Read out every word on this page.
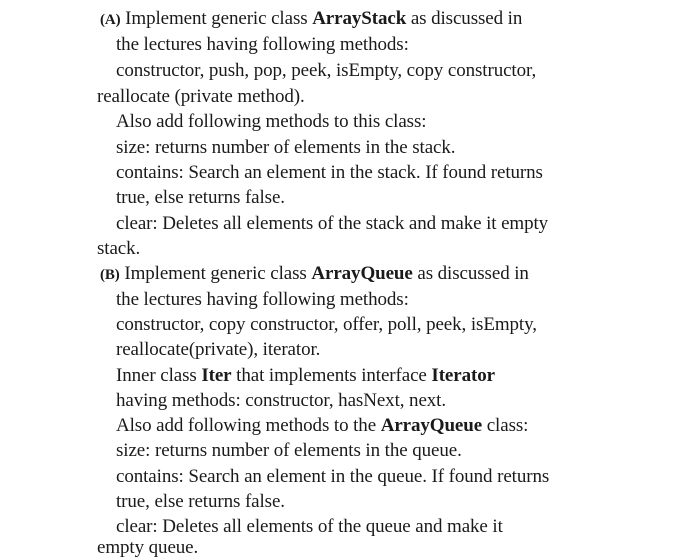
(A) Implement generic class ArrayStack as discussed in
the lectures having following methods:
constructor, push, pop, peek, isEmpty, copy constructor,
reallocate (private method).
Also add following methods to this class:
size: returns number of elements in the stack.
contains: Search an element in the stack. If found returns
true, else returns false.
clear: Deletes all elements of the stack and make it empty
stack.
(B) Implement generic class ArrayQueue as discussed in
the lectures having following methods:
constructor, copy constructor, offer, poll, peek, isEmpty,
reallocate(private), iterator.
Inner class Iter that implements interface Iterator
having methods: constructor, hasNext, next.
Also add following methods to the ArrayQueue class:
size: returns number of elements in the queue.
contains: Search an element in the queue. If found returns
true, else returns false.
clear: Deletes all elements of the queue and make it
empty queue.
